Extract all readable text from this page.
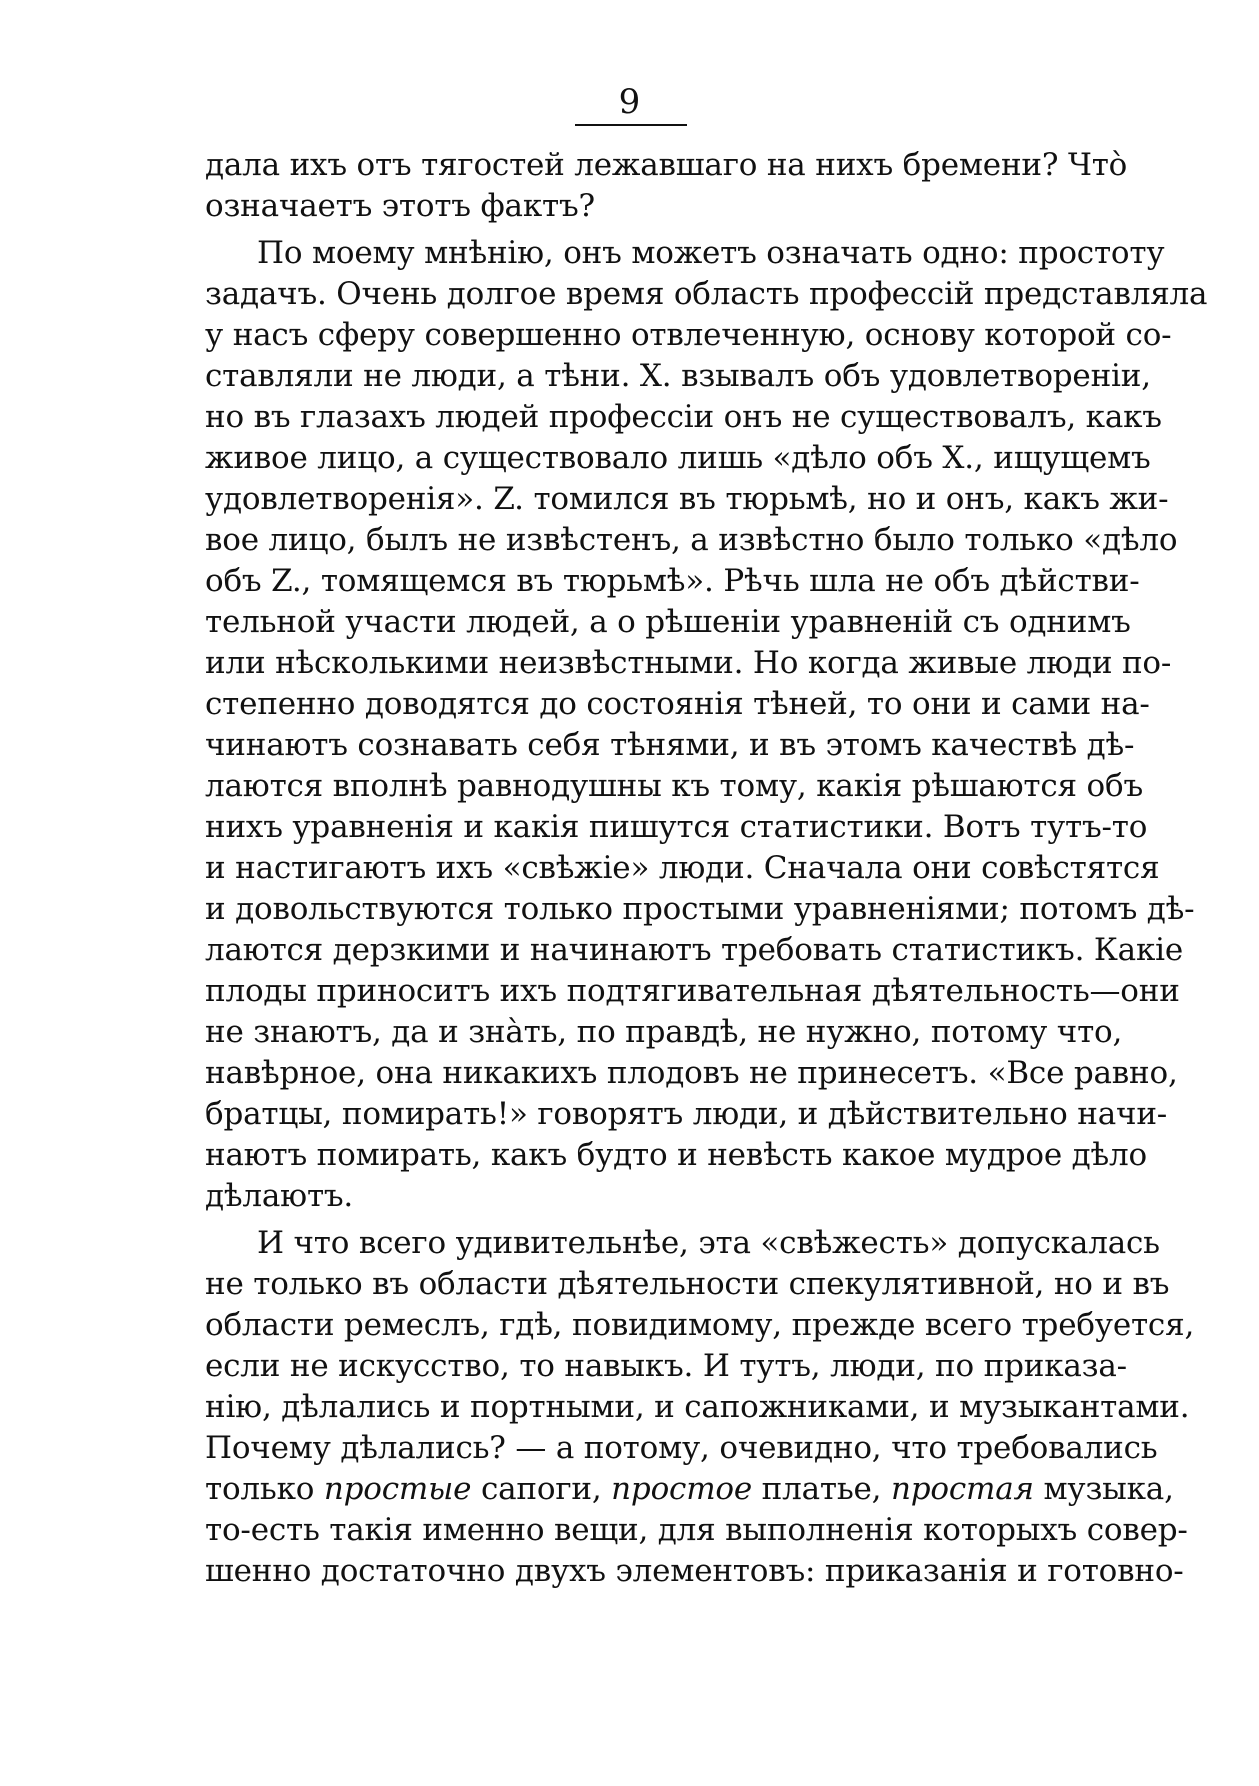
9
дала ихъ отъ тягостей лежавшаго на нихъ бремени? Что̀
означаетъ этотъ фактъ?
По моему мнѣнію, онъ можетъ означать одно: простоту
задачъ. Очень долгое время область профессій представляла
у насъ сферу совершенно отвлеченную, основу которой со-
ставляли не люди, а тѣни. X. взывалъ объ удовлетвореніи,
но въ глазахъ людей профессіи онъ не существовалъ, какъ
живое лицо, а существовало лишь «дѣло объ X., ищущемъ
удовлетворенія». Z. томился въ тюрьмѣ, но и онъ, какъ жи-
вое лицо, былъ не извѣстенъ, а извѣстно было только «дѣло
объ Z., томящемся въ тюрьмѣ». Рѣчь шла не объ дѣйстви-
тельной участи людей, а о рѣшеніи уравненій съ однимъ
или нѣсколькими неизвѣстными. Но когда живые люди по-
степенно доводятся до состоянія тѣней, то они и сами на-
чинаютъ сознавать себя тѣнями, и въ этомъ качествѣ дѣ-
лаются вполнѣ равнодушны къ тому, какія рѣшаются объ
нихъ уравненія и какія пишутся статистики. Вотъ тутъ-то
и настигаютъ ихъ «свѣжіе» люди. Сначала они совѣстятся
и довольствуются только простыми уравненіями; потомъ дѣ-
лаются дерзкими и начинаютъ требовать статистикъ. Какіе
плоды приноситъ ихъ подтягивательная дѣятельность—они
не знаютъ, да и зна̀ть, по правдѣ, не нужно, потому что,
навѣрное, она никакихъ плодовъ не принесетъ. «Все равно,
братцы, помирать!» говорятъ люди, и дѣйствительно начи-
наютъ помирать, какъ будто и невѣсть какое мудрое дѣло
дѣлаютъ.
И что всего удивительнѣе, эта «свѣжесть» допускалась
не только въ области дѣятельности спекулятивной, но и въ
области ремеслъ, гдѣ, повидимому, прежде всего требуется,
если не искусство, то навыкъ. И тутъ, люди, по приказа-
нію, дѣлались и портными, и сапожниками, и музыкантами.
Почему дѣлались? — а потому, очевидно, что требовались
только простые сапоги, простое платье, простая музыка,
то-есть такія именно вещи, для выполненія которыхъ совер-
шенно достаточно двухъ элементовъ: приказанія и готовно-
